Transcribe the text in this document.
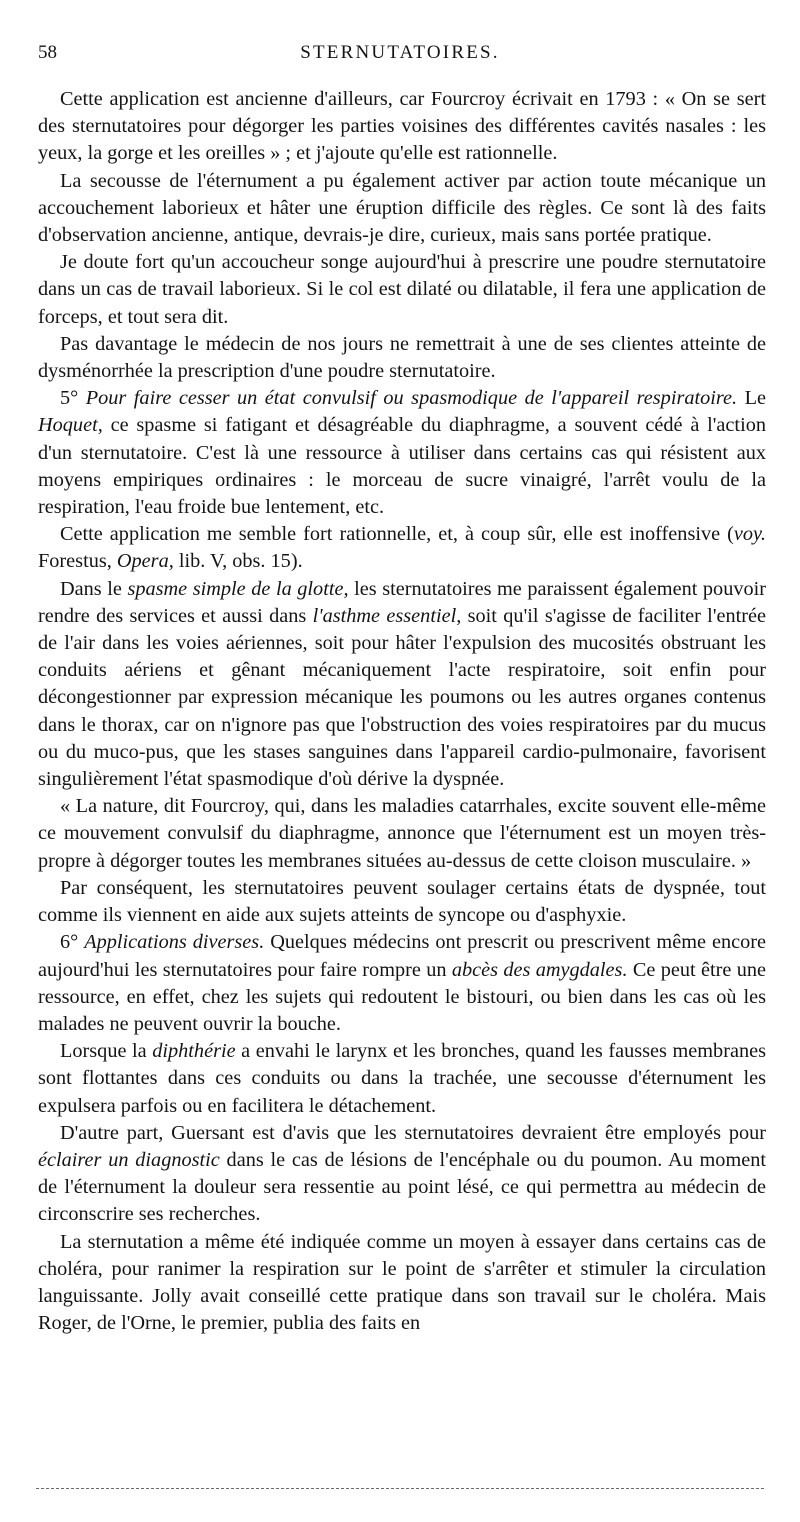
58	STERNUTATOIRES.

Cette application est ancienne d'ailleurs, car Fourcroy écrivait en 1793 : « On se sert des sternutatoires pour dégorger les parties voisines des différentes cavités nasales : les yeux, la gorge et les oreilles » ; et j'ajoute qu'elle est rationnelle.

La secousse de l'éternument a pu également activer par action toute mécanique un accouchement laborieux et hâter une éruption difficile des règles. Ce sont là des faits d'observation ancienne, antique, devrais-je dire, curieux, mais sans portée pratique.

Je doute fort qu'un accoucheur songe aujourd'hui à prescrire une poudre sternutatoire dans un cas de travail laborieux. Si le col est dilaté ou dilatable, il fera une application de forceps, et tout sera dit.

Pas davantage le médecin de nos jours ne remettrait à une de ses clientes atteinte de dysménorrhée la prescription d'une poudre sternutatoire.

5° Pour faire cesser un état convulsif ou spasmodique de l'appareil respiratoire. Le Hoquet, ce spasme si fatigant et désagréable du diaphragme, a souvent cédé à l'action d'un sternutatoire. C'est là une ressource à utiliser dans certains cas qui résistent aux moyens empiriques ordinaires : le morceau de sucre vinaigré, l'arrêt voulu de la respiration, l'eau froide bue lentement, etc.

Cette application me semble fort rationnelle, et, à coup sûr, elle est inoffensive (voy. Forestus, Opera, lib. V, obs. 15).

Dans le spasme simple de la glotte, les sternutatoires me paraissent également pouvoir rendre des services et aussi dans l'asthme essentiel, soit qu'il s'agisse de faciliter l'entrée de l'air dans les voies aériennes, soit pour hâter l'expulsion des mucosités obstruant les conduits aériens et gênant mécaniquement l'acte respiratoire, soit enfin pour décongestionner par expression mécanique les poumons ou les autres organes contenus dans le thorax, car on n'ignore pas que l'obstruction des voies respiratoires par du mucus ou du muco-pus, que les stases sanguines dans l'appareil cardio-pulmonaire, favorisent singulièrement l'état spasmodique d'où dérive la dyspnée.

« La nature, dit Fourcroy, qui, dans les maladies catarrhales, excite souvent elle-même ce mouvement convulsif du diaphragme, annonce que l'éternument est un moyen très-propre à dégorger toutes les membranes situées au-dessus de cette cloison musculaire. »

Par conséquent, les sternutatoires peuvent soulager certains états de dyspnée, tout comme ils viennent en aide aux sujets atteints de syncope ou d'asphyxie.

6° Applications diverses. Quelques médecins ont prescrit ou prescrivent même encore aujourd'hui les sternutatoires pour faire rompre un abcès des amygdales. Ce peut être une ressource, en effet, chez les sujets qui redoutent le bistouri, ou bien dans les cas où les malades ne peuvent ouvrir la bouche.

Lorsque la diphthérie a envahi le larynx et les bronches, quand les fausses membranes sont flottantes dans ces conduits ou dans la trachée, une secousse d'éternument les expulsera parfois ou en facilitera le détachement.

D'autre part, Guersant est d'avis que les sternutatoires devraient être employés pour éclairer un diagnostic dans le cas de lésions de l'encéphale ou du poumon. Au moment de l'éternument la douleur sera ressentie au point lésé, ce qui permettra au médecin de circonscrire ses recherches.

La sternutation a même été indiquée comme un moyen à essayer dans certains cas de choléra, pour ranimer la respiration sur le point de s'arrêter et stimuler la circulation languissante. Jolly avait conseillé cette pratique dans son travail sur le choléra. Mais Roger, de l'Orne, le premier, publia des faits en
